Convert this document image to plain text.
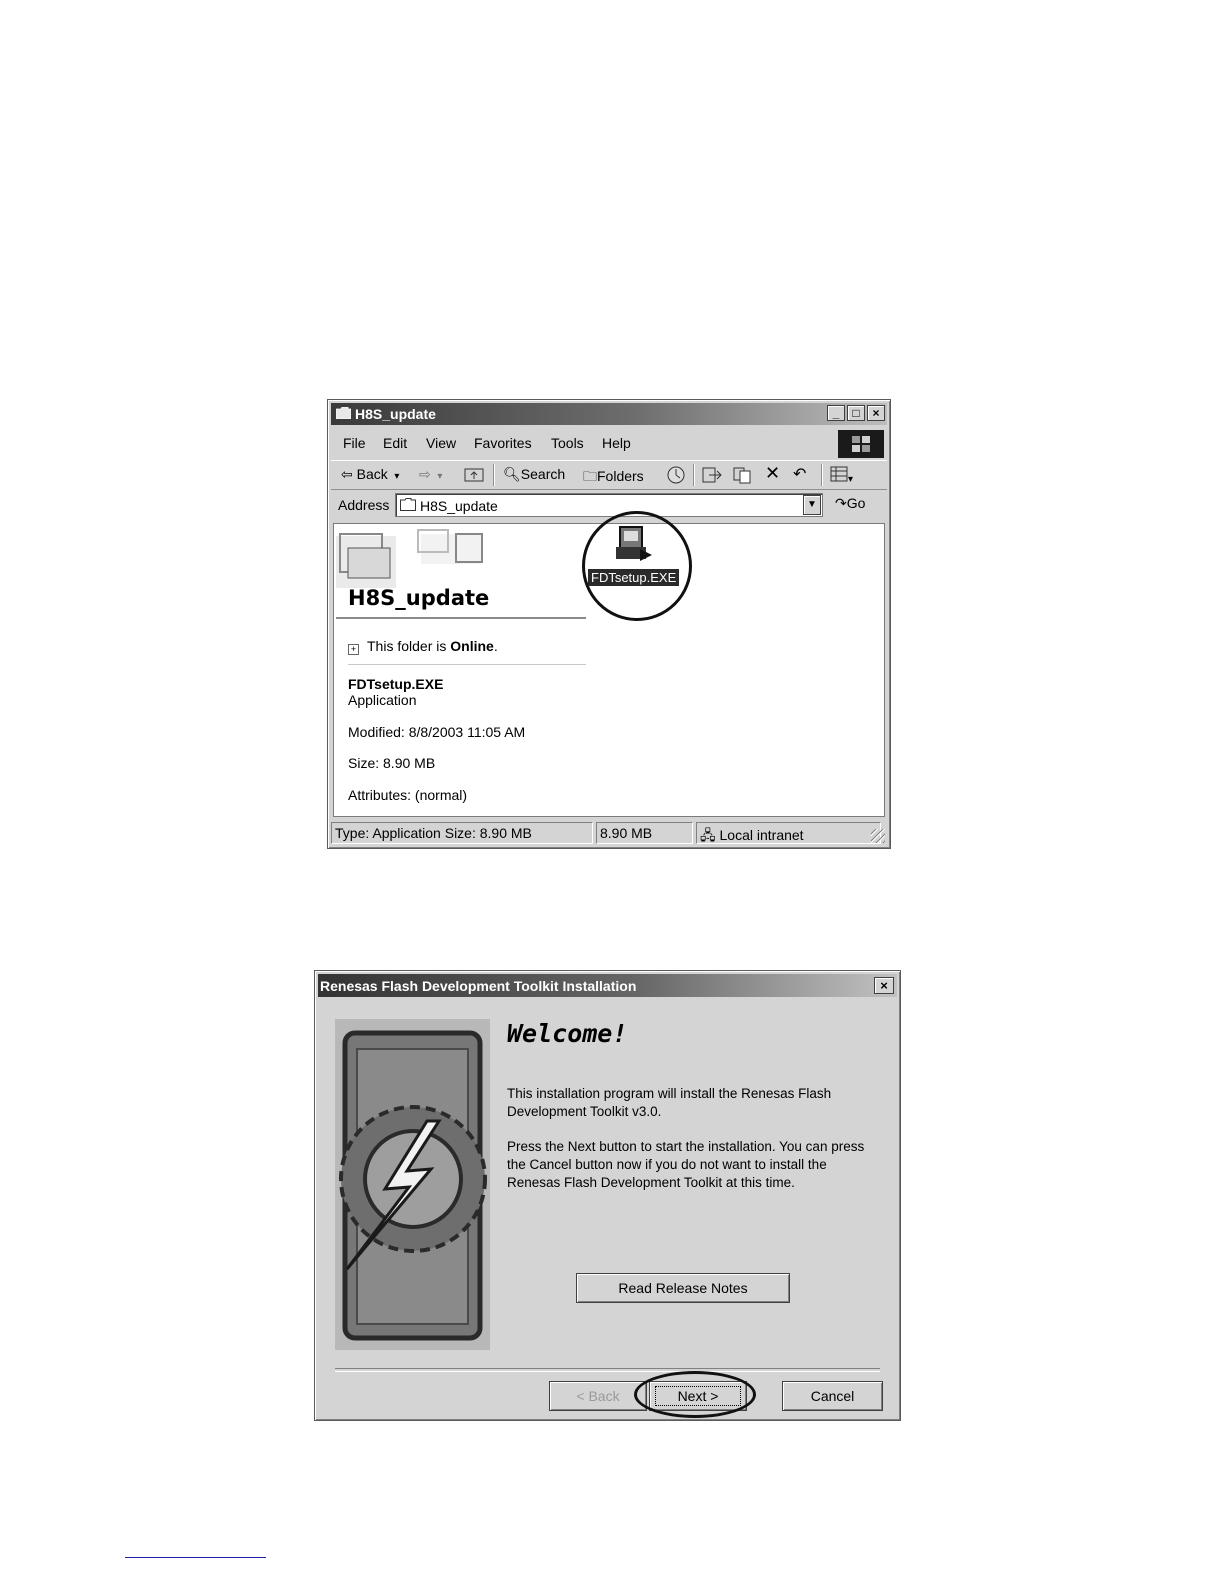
H8S_update	_	□	×
File Edit View Favorites Tools Help
⇦ Back  ▾ ⇨  ▾	🔍︎Search 🗀Folders	✕ ↶	▾
Address H8S_update	▼ ↷Go
H8S_update
+ This folder is Online.
FDTsetup.EXE
Application
Modified: 8/8/2003 11:05 AM
Size: 8.90 MB
Attributes: (normal)
FDTsetup.EXE
Type: Application Size: 8.90 MB	8.90 MB	🖧 Local intranet
Renesas Flash Development Toolkit Installation	×
Welcome!
This installation program will install the Renesas Flash Development Toolkit v3.0.
Press the Next button to start the installation. You can press the Cancel button now if you do not want to install the Renesas Flash Development Toolkit at this time.
Read Release Notes
< Back	Next >	Cancel
